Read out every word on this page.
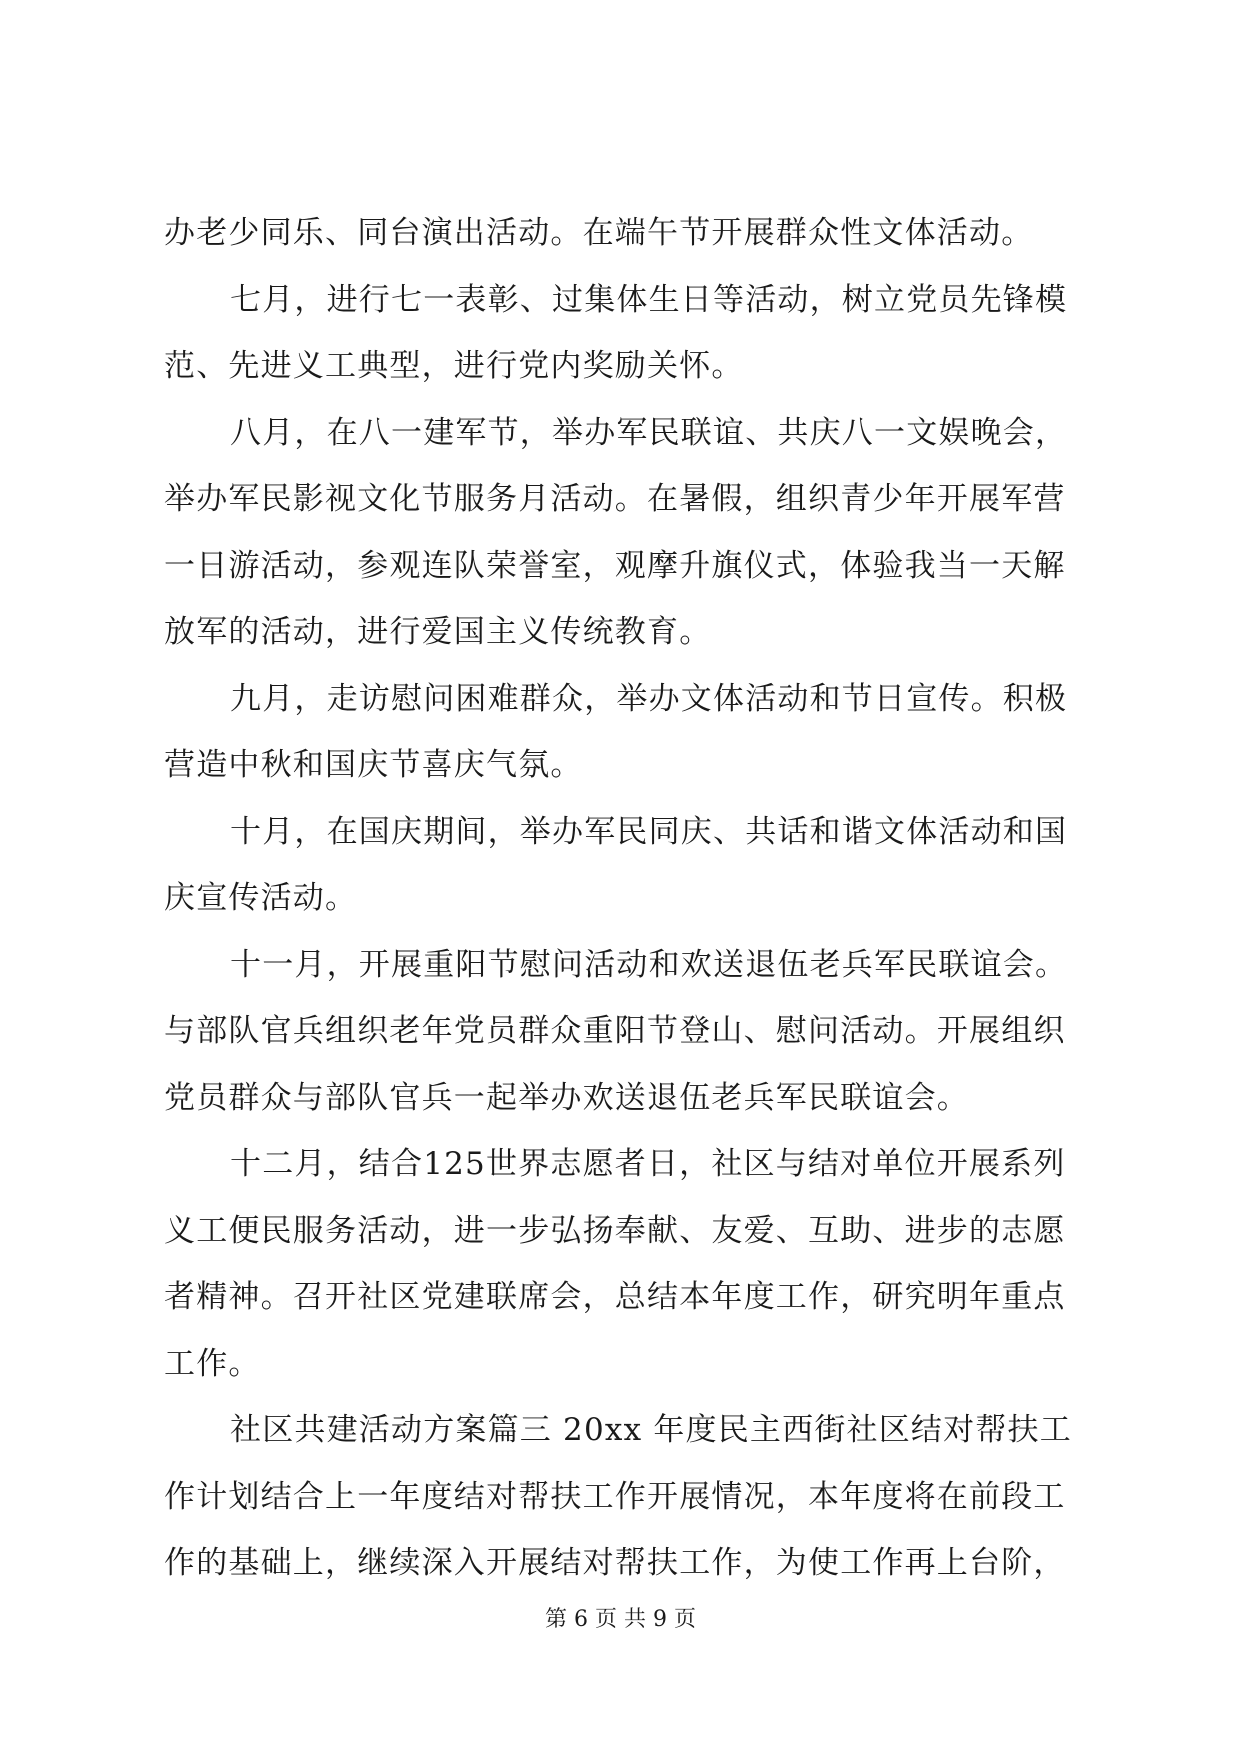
办老少同乐、同台演出活动。在端午节开展群众性文体活动。
七月，进行七一表彰、过集体生日等活动，树立党员先锋模
范、先进义工典型，进行党内奖励关怀。
八月，在八一建军节，举办军民联谊、共庆八一文娱晚会，
举办军民影视文化节服务月活动。在暑假，组织青少年开展军营
一日游活动，参观连队荣誉室，观摩升旗仪式，体验我当一天解
放军的活动，进行爱国主义传统教育。
九月，走访慰问困难群众，举办文体活动和节日宣传。积极
营造中秋和国庆节喜庆气氛。
十月，在国庆期间，举办军民同庆、共话和谐文体活动和国
庆宣传活动。
十一月，开展重阳节慰问活动和欢送退伍老兵军民联谊会。
与部队官兵组织老年党员群众重阳节登山、慰问活动。开展组织
党员群众与部队官兵一起举办欢送退伍老兵军民联谊会。
十二月，结合125世界志愿者日，社区与结对单位开展系列
义工便民服务活动，进一步弘扬奉献、友爱、互助、进步的志愿
者精神。召开社区党建联席会，总结本年度工作，研究明年重点
工作。
社区共建活动方案篇三 20xx 年度民主西街社区结对帮扶工
作计划结合上一年度结对帮扶工作开展情况，本年度将在前段工
作的基础上，继续深入开展结对帮扶工作，为使工作再上台阶，
第 6 页 共 9 页
